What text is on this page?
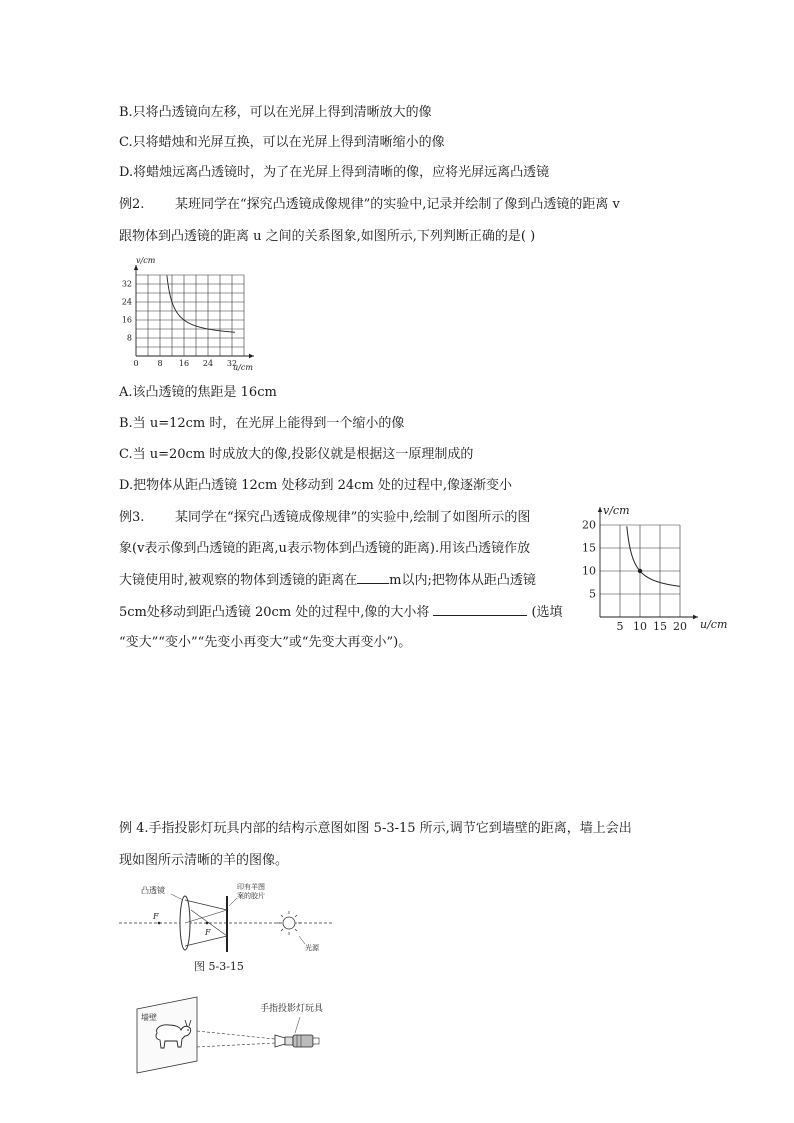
B.只将凸透镜向左移，可以在光屏上得到清晰放大的像
C.只将蜡烛和光屏互换，可以在光屏上得到清晰缩小的像
D.将蜡烛远离凸透镜时，为了在光屏上得到清晰的像，应将光屏远离凸透镜
例2. 某班同学在“探究凸透镜成像规律”的实验中,记录并绘制了像到凸透镜的距离 v
跟物体到凸透镜的距离 u 之间的关系图象,如图所示,下列判断正确的是( )
0 8 16 24 32
8
16
24
32
v/cm
u/cm
A.该凸透镜的焦距是 16cm
B.当 u=12cm 时，在光屏上能得到一个缩小的像
C.当 u=20cm 时成放大的像,投影仪就是根据这一原理制成的
D.把物体从距凸透镜 12cm 处移动到 24cm 处的过程中,像逐渐变小
例3. 某同学在“探究凸透镜成像规律”的实验中,绘制了如图所示的图
象(v表示像到凸透镜的距离,u表示物体到凸透镜的距离).用该凸透镜作放
大镜使用时,被观察的物体到透镜的距离在 m以内;把物体从距凸透镜
5cm处移动到距凸透镜 20cm 处的过程中,像的大小将	(选填
“变大”“变小”“先变小再变大”或“先变大再变小”)。
5 10 15 20
5
10
15
20
v/cm
u/cm
例 4.手指投影灯玩具内部的结构示意图如图 5-3-15 所示,调节它到墙壁的距离，墙上会出
现如图所示清晰的羊的图像。
凸透镜	印有羊图
案的胶片
F
F
光源
图 5-3-15
墙壁
手指投影灯玩具
